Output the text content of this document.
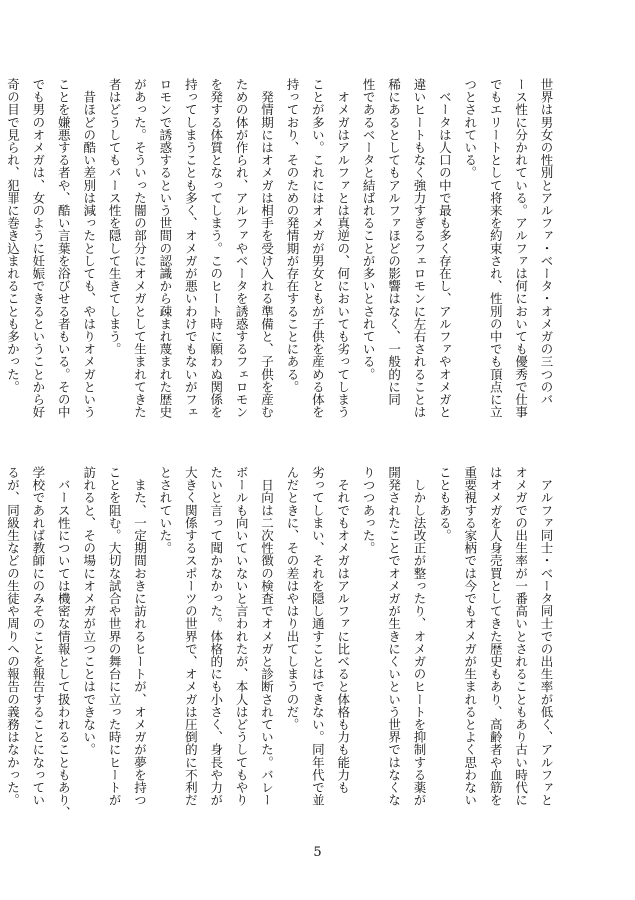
世界は男女の性別とアルファ・ベータ・オメガの三つのバ
ース性に分かれている。アルファは何においても優秀で仕事
でもエリートとして将来を約束され、性別の中でも頂点に立
つとされている。
　ベータは人口の中で最も多く存在し、アルファやオメガと
違いヒートもなく強力すぎるフェロモンに左右されることは
稀にあるとしてもアルファほどの影響はなく、一般的に同
性であるベータと結ばれることが多いとされている。
　オメガはアルファとは真逆の、何においても劣ってしまう
ことが多い。これにはオメガが男女ともが子供を産める体を
持っており、そのための発情期が存在することにある。
　発情期にはオメガは相手を受け入れる準備と、子供を産む
ための体が作られ、アルファやベータを誘惑するフェロモン
を発する体質となってしまう。このヒート時に願わぬ関係を
持ってしまうことも多く、オメガが悪いわけでもないがフェ
ロモンで誘惑するという世間の認識から疎まれ蔑まれた歴史
があった。そういった闇の部分にオメガとして生まれてきた
者はどうしてもバース性を隠して生きてしまう。
　昔ほどの酷い差別は減ったとしても、やはりオメガという
ことを嫌悪する者や、酷い言葉を浴びせる者もいる。その中
でも男のオメガは、女のように妊娠できるということから好
奇の目で見られ、犯罪に巻き込まれることも多かった。
　アルファ同士・ベータ同士での出生率が低く、アルファと
オメガでの出生率が一番高いとされることもあり古い時代に
はオメガを人身売買としてきた歴史もあり、高齢者や血筋を
重要視する家柄では今でもオメガが生まれるとよく思わない
こともある。
　しかし法改正が整ったり、オメガのヒートを抑制する薬が
開発されたことでオメガが生きにくいという世界ではなくな
りつつあった。
　それでもオメガはアルファに比べると体格も力も能力も
劣ってしまい、それを隠し通すことはできない。同年代で並
んだときに、その差はやはり出てしまうのだ。
　日向は二次性徴の検査でオメガと診断されていた。バレー
ボールも向いていないと言われたが、本人はどうしてもやり
たいと言って聞かなかった。体格的にも小さく、身長や力が
大きく関係するスポーツの世界で、オメガは圧倒的に不利だ
とされていた。
　また、一定期間おきに訪れるヒートが、オメガが夢を持つ
ことを阻む。大切な試合や世界の舞台に立った時にヒートが
訪れると、その場にオメガが立つことはできない。
　バース性については機密な情報として扱われることもあり、
学校であれば教師にのみそのことを報告することになってい
るが、同級生などの生徒や周りへの報告の義務はなかった。
5
